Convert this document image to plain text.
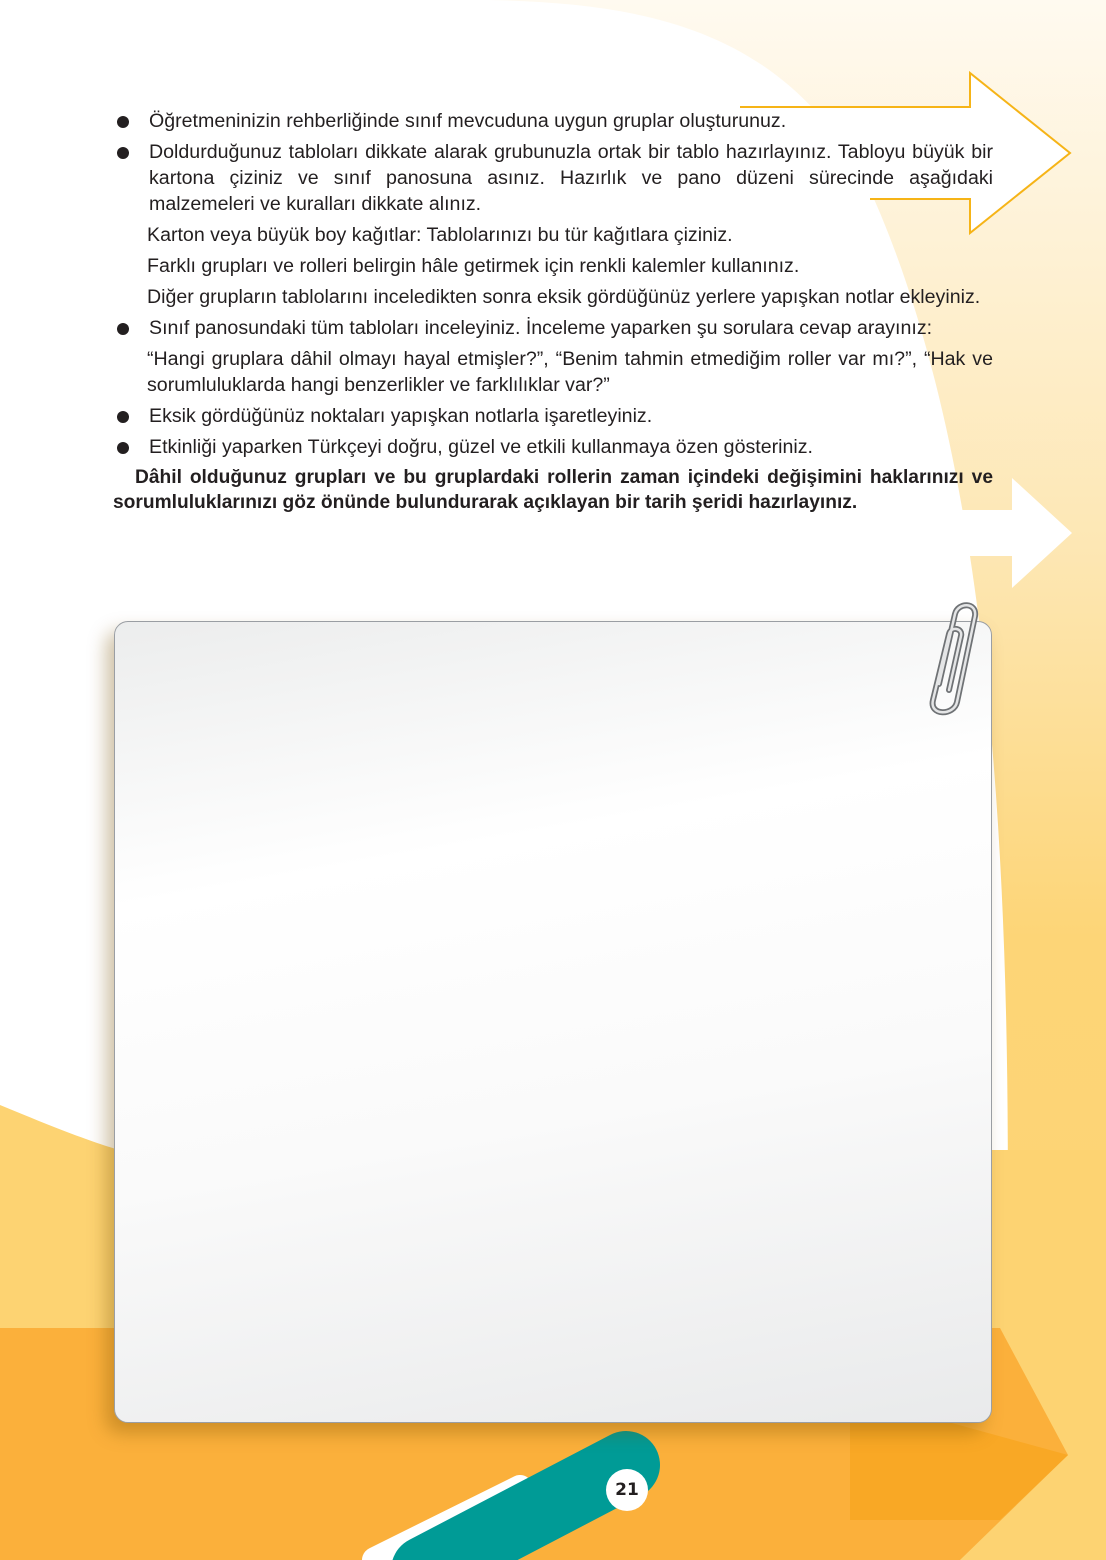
Öğretmeninizin rehberliğinde sınıf mevcuduna uygun gruplar oluşturunuz.
Doldurduğunuz tabloları dikkate alarak grubunuzla ortak bir tablo hazırlayınız. Tabloyu büyük bir kartona çiziniz ve sınıf panosuna asınız. Hazırlık ve pano düzeni sürecinde aşağıdaki malzemeleri ve kuralları dikkate alınız.
Karton veya büyük boy kağıtlar: Tablolarınızı bu tür kağıtlara çiziniz.
Farklı grupları ve rolleri belirgin hâle getirmek için renkli kalemler kullanınız.
Diğer grupların tablolarını inceledikten sonra eksik gördüğünüz yerlere yapışkan notlar ekleyiniz.
Sınıf panosundaki tüm tabloları inceleyiniz. İnceleme yaparken şu sorulara cevap arayınız:
“Hangi gruplara dâhil olmayı hayal etmişler?”, “Benim tahmin etmediğim roller var mı?”, “Hak ve sorumluluklarda hangi benzerlikler ve farklılıklar var?”
Eksik gördüğünüz noktaları yapışkan notlarla işaretleyiniz.
Etkinliği yaparken Türkçeyi doğru, güzel ve etkili kullanmaya özen gösteriniz.
Dâhil olduğunuz grupları ve bu gruplardaki rollerin zaman içindeki değişimini haklarınızı ve sorumluluklarınızı göz önünde bulundurarak açıklayan bir tarih şeridi hazırlayınız.
21
